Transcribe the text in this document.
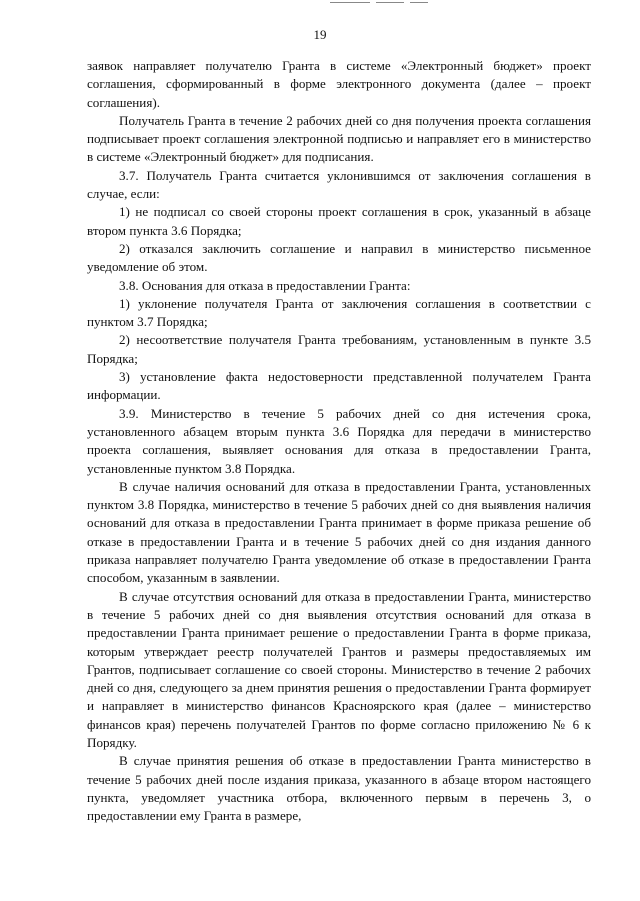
19

заявок направляет получателю Гранта в системе «Электронный бюджет» проект соглашения, сформированный в форме электронного документа (далее – проект соглашения).

Получатель Гранта в течение 2 рабочих дней со дня получения проекта соглашения подписывает проект соглашения электронной подписью и направляет его в министерство в системе «Электронный бюджет» для подписания.

3.7. Получатель Гранта считается уклонившимся от заключения соглашения в случае, если:

1) не подписал со своей стороны проект соглашения в срок, указанный в абзаце втором пункта 3.6 Порядка;

2) отказался заключить соглашение и направил в министерство письменное уведомление об этом.

3.8. Основания для отказа в предоставлении Гранта:

1) уклонение получателя Гранта от заключения соглашения в соответствии с пунктом 3.7 Порядка;

2) несоответствие получателя Гранта требованиям, установленным в пункте 3.5 Порядка;

3) установление факта недостоверности представленной получателем Гранта информации.

3.9. Министерство в течение 5 рабочих дней со дня истечения срока, установленного абзацем вторым пункта 3.6 Порядка для передачи в министерство проекта соглашения, выявляет основания для отказа в предоставлении Гранта, установленные пунктом 3.8 Порядка.

В случае наличия оснований для отказа в предоставлении Гранта, установленных пунктом 3.8 Порядка, министерство в течение 5 рабочих дней со дня выявления наличия оснований для отказа в предоставлении Гранта принимает в форме приказа решение об отказе в предоставлении Гранта и в течение 5 рабочих дней со дня издания данного приказа направляет получателю Гранта уведомление об отказе в предоставлении Гранта способом, указанным в заявлении.

В случае отсутствия оснований для отказа в предоставлении Гранта, министерство в течение 5 рабочих дней со дня выявления отсутствия оснований для отказа в предоставлении Гранта принимает решение о предоставлении Гранта в форме приказа, которым утверждает реестр получателей Грантов и размеры предоставляемых им Грантов, подписывает соглашение со своей стороны. Министерство в течение 2 рабочих дней со дня, следующего за днем принятия решения о предоставлении Гранта формирует и направляет в министерство финансов Красноярского края (далее – министерство финансов края) перечень получателей Грантов по форме согласно приложению № 6 к Порядку.

В случае принятия решения об отказе в предоставлении Гранта министерство в течение 5 рабочих дней после издания приказа, указанного в абзаце втором настоящего пункта, уведомляет участника отбора, включенного первым в перечень 3, о предоставлении ему Гранта в размере,
